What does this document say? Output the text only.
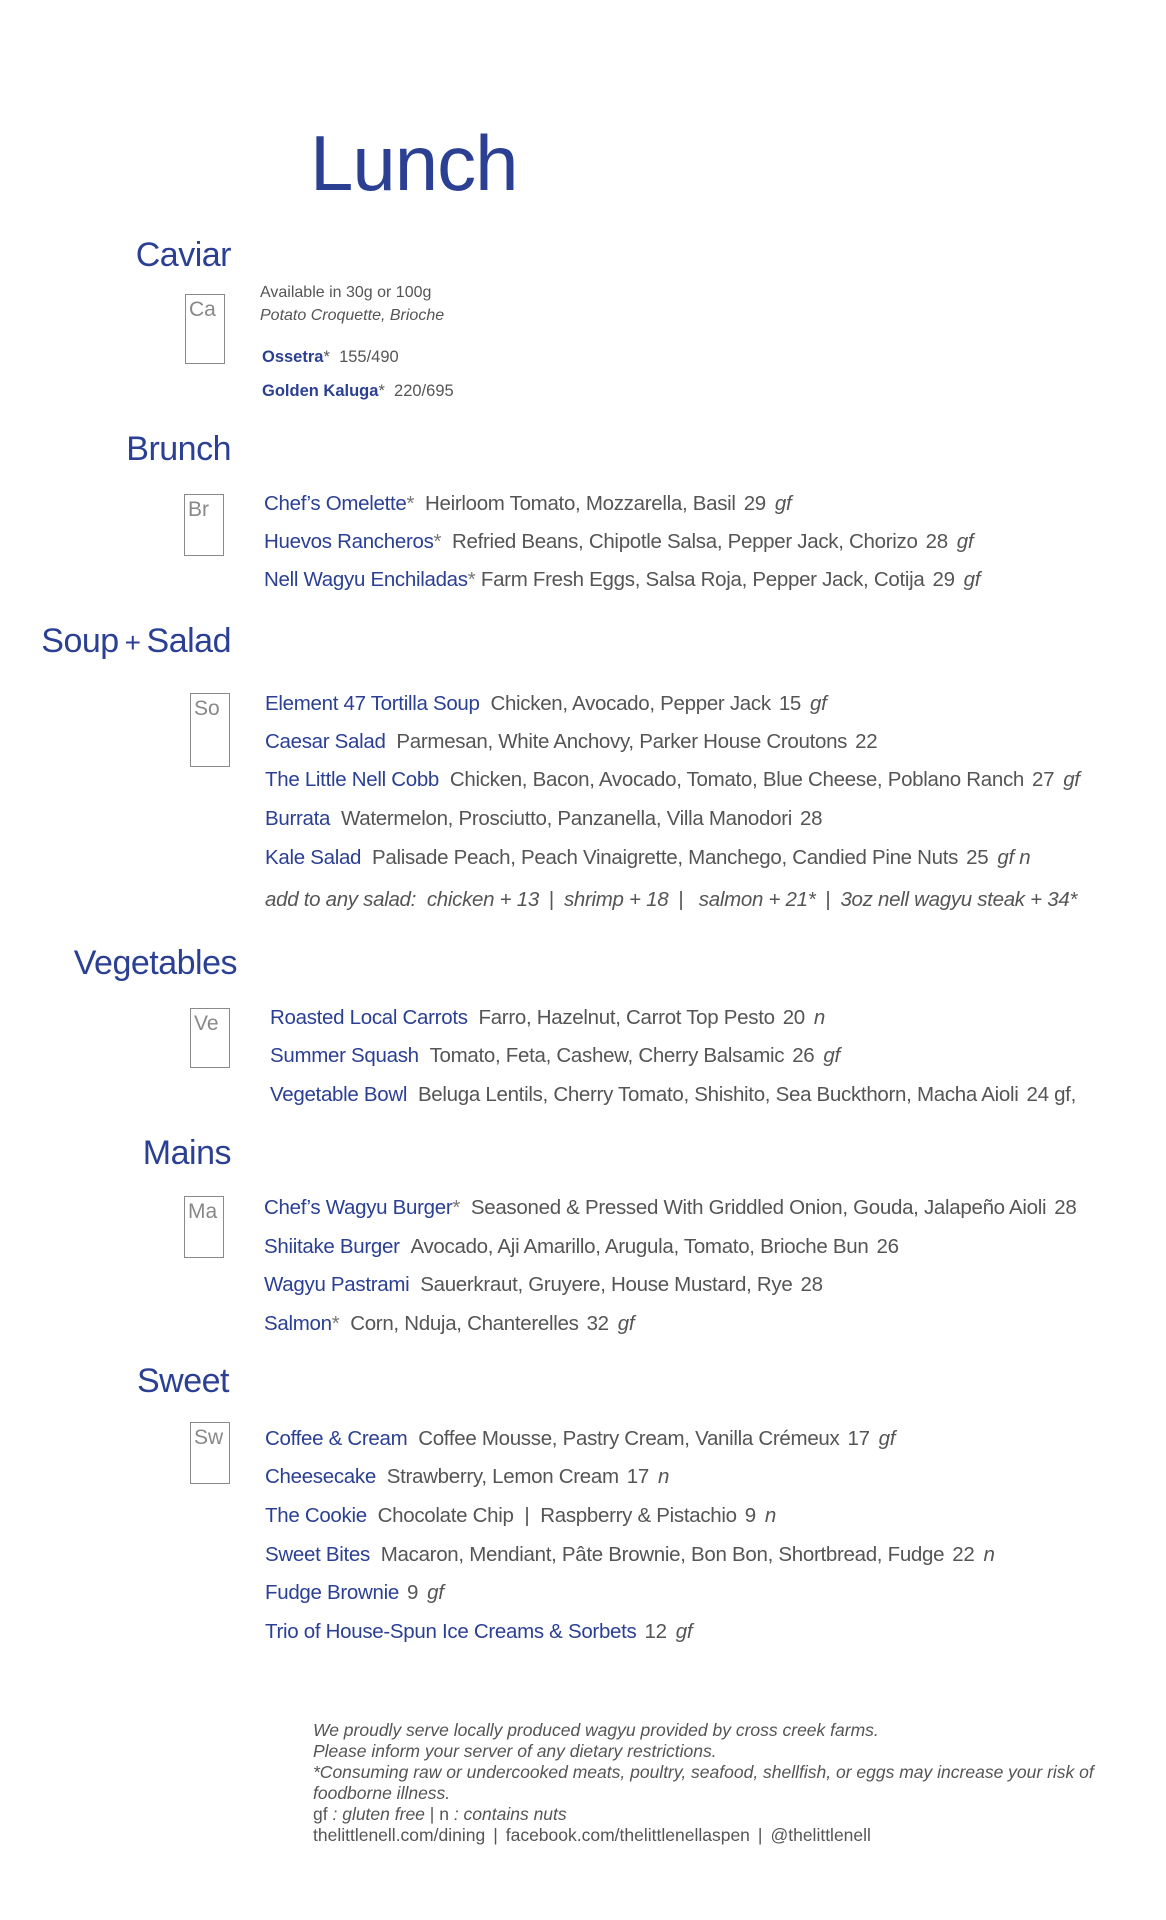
Lunch
Caviar
Ca
Available in 30g or 100g
Potato Croquette, Brioche
Ossetra* 155/490
Golden Kaluga* 220/695
Brunch
Br	Chef’s Omelette* Heirloom Tomato, Mozzarella, Basil 29 gf
Huevos Rancheros* Refried Beans, Chipotle Salsa, Pepper Jack, Chorizo 28 gf
Nell Wagyu Enchiladas* Farm Fresh Eggs, Salsa Roja, Pepper Jack, Cotija 29 gf
Soup + Salad
So	Element 47 Tortilla Soup Chicken, Avocado, Pepper Jack 15 gf
Caesar Salad Parmesan, White Anchovy, Parker House Croutons 22
The Little Nell Cobb Chicken, Bacon, Avocado, Tomato, Blue Cheese, Poblano Ranch 27 gf
Burrata Watermelon, Prosciutto, Panzanella, Villa Manodori 28
Kale Salad Palisade Peach, Peach Vinaigrette, Manchego, Candied Pine Nuts 25 gf n
add to any salad: chicken + 13 | shrimp + 18 | salmon + 21* | 3oz nell wagyu steak + 34*
Vegetables
Ve	Roasted Local Carrots Farro, Hazelnut, Carrot Top Pesto 20 n
Summer Squash Tomato, Feta, Cashew, Cherry Balsamic 26 gf
Vegetable Bowl Beluga Lentils, Cherry Tomato, Shishito, Sea Buckthorn, Macha Aioli 24 gf,
Mains
Ma	Chef’s Wagyu Burger* Seasoned & Pressed With Griddled Onion, Gouda, Jalapeño Aioli 28
Shiitake Burger Avocado, Aji Amarillo, Arugula, Tomato, Brioche Bun 26
Wagyu Pastrami Sauerkraut, Gruyere, House Mustard, Rye 28
Salmon* Corn, Nduja, Chanterelles 32 gf
Sweet
Sw	Coffee & Cream Coffee Mousse, Pastry Cream, Vanilla Crémeux 17 gf
Cheesecake Strawberry, Lemon Cream 17 n
The Cookie Chocolate Chip  |  Raspberry & Pistachio 9 n
Sweet Bites Macaron, Mendiant, Pâte Brownie, Bon Bon, Shortbread, Fudge 22 n
Fudge Brownie 9 gf
Trio of House-Spun Ice Creams & Sorbets 12 gf
We proudly serve locally produced wagyu provided by cross creek farms.
Please inform your server of any dietary restrictions.
*Consuming raw or undercooked meats, poultry, seafood, shellfish, or eggs may increase your risk of foodborne illness.
gf : gluten free | n : contains nuts
thelittlenell.com/dining | facebook.com/thelittlenellaspen | @thelittlenell
